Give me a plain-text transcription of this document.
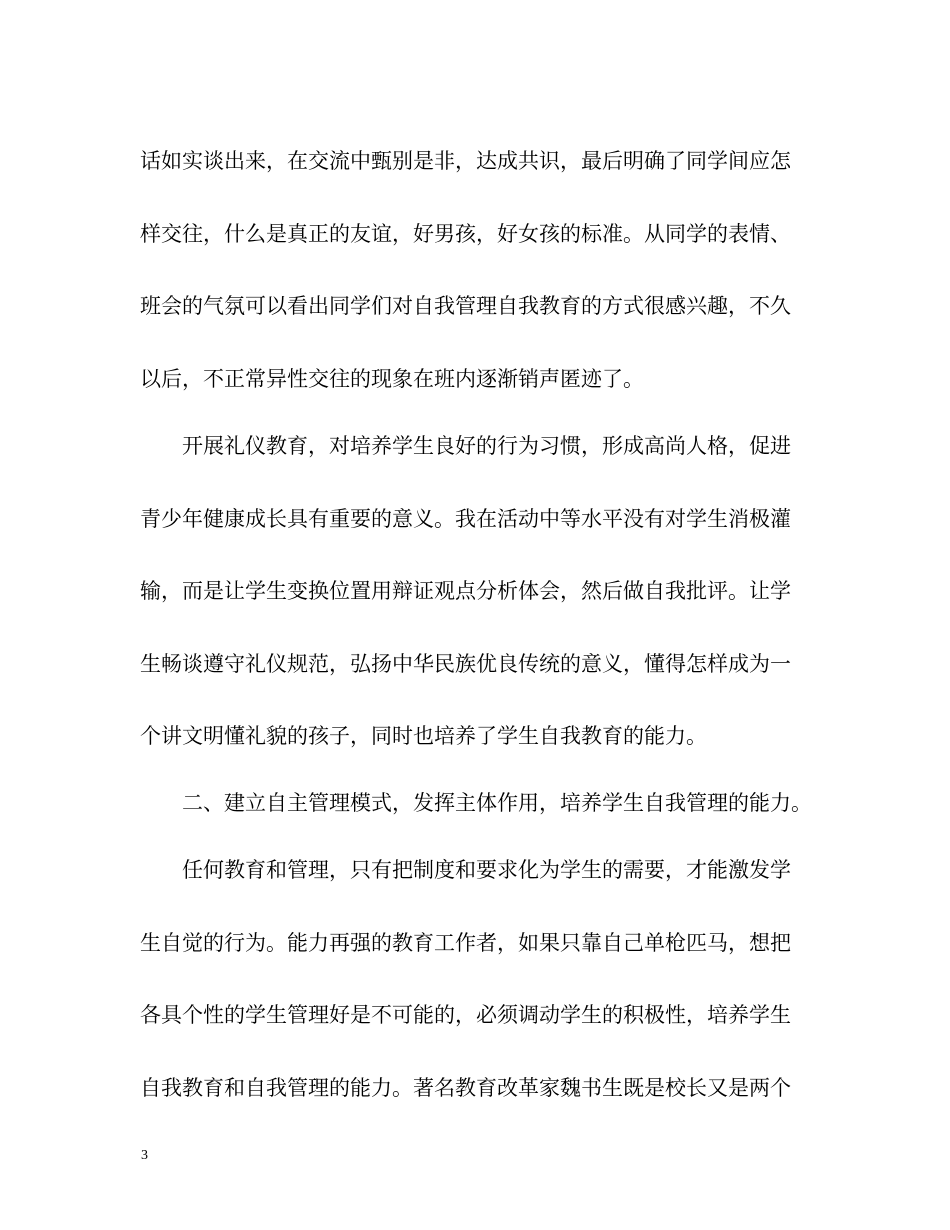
话如实谈出来，在交流中甄别是非，达成共识，最后明确了同学间应怎
样交往，什么是真正的友谊，好男孩，好女孩的标准。从同学的表情、
班会的气氛可以看出同学们对自我管理自我教育的方式很感兴趣，不久
以后，不正常异性交往的现象在班内逐渐销声匿迹了。
开展礼仪教育，对培养学生良好的行为习惯，形成高尚人格，促进
青少年健康成长具有重要的意义。我在活动中等水平没有对学生消极灌
输，而是让学生变换位置用辩证观点分析体会，然后做自我批评。让学
生畅谈遵守礼仪规范，弘扬中华民族优良传统的意义，懂得怎样成为一
个讲文明懂礼貌的孩子，同时也培养了学生自我教育的能力。
二、建立自主管理模式，发挥主体作用，培养学生自我管理的能力。
任何教育和管理，只有把制度和要求化为学生的需要，才能激发学
生自觉的行为。能力再强的教育工作者，如果只靠自己单枪匹马，想把
各具个性的学生管理好是不可能的，必须调动学生的积极性，培养学生
自我教育和自我管理的能力。著名教育改革家魏书生既是校长又是两个
3
